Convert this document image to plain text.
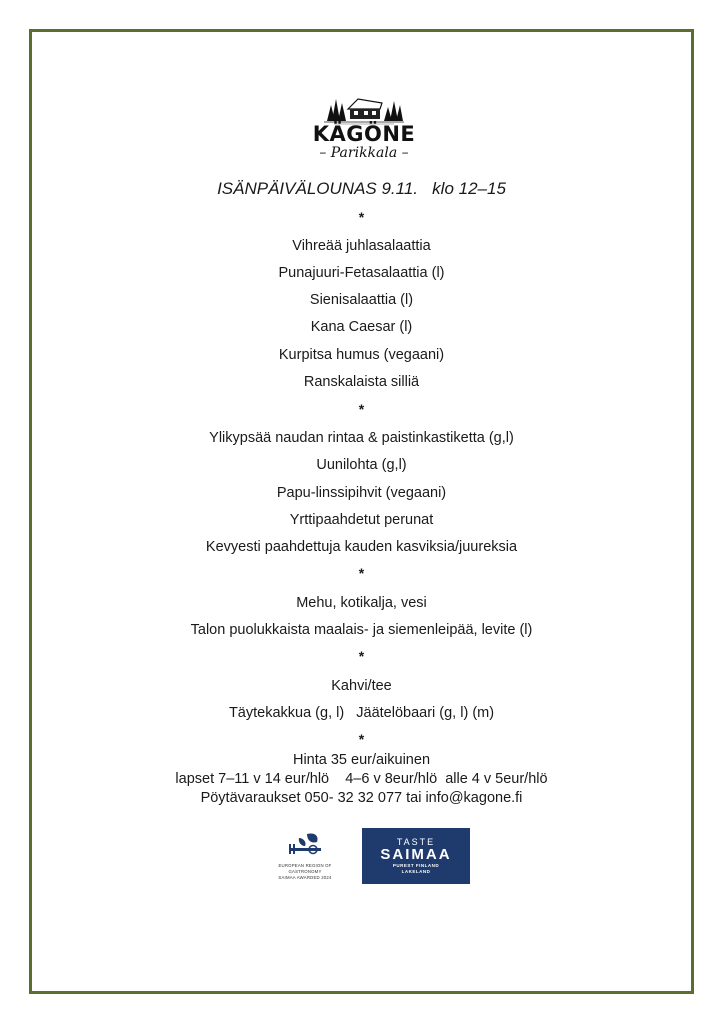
KÄGÖNE
– Parikkala –
ISÄNPÄIVÄLOUNAS 9.11.   klo 12–15
*
Vihreää juhlasalaattia
Punajuuri-Fetasalaattia (l)
Sienisalaattia (l)
Kana Caesar (l)
Kurpitsa humus (vegaani)
Ranskalaista silliä
*
Ylikypsää naudan rintaa & paistinkastiketta (g,l)
Uunilohta (g,l)
Papu-linssipihvit (vegaani)
Yrttipaahdetut perunat
Kevyesti paahdettuja kauden kasviksia/juureksia
*
Mehu, kotikalja, vesi
Talon puolukkaista maalais- ja siemenleipää, levite (l)
*
Kahvi/tee
Täytekakkua (g, l)   Jäätelöbaari (g, l) (m)
*
Hinta 35 eur/aikuinen
lapset 7–11 v 14 eur/hlö    4–6 v 8eur/hlö  alle 4 v 5eur/hlö
Pöytävaraukset 050- 32 32 077 tai info@kagone.fi
EUROPEAN REGION OF GASTRONOMY
SAIMAA AWARDED 2024
TASTE
SAIMAA
PUREST FINLAND
LAKELAND
